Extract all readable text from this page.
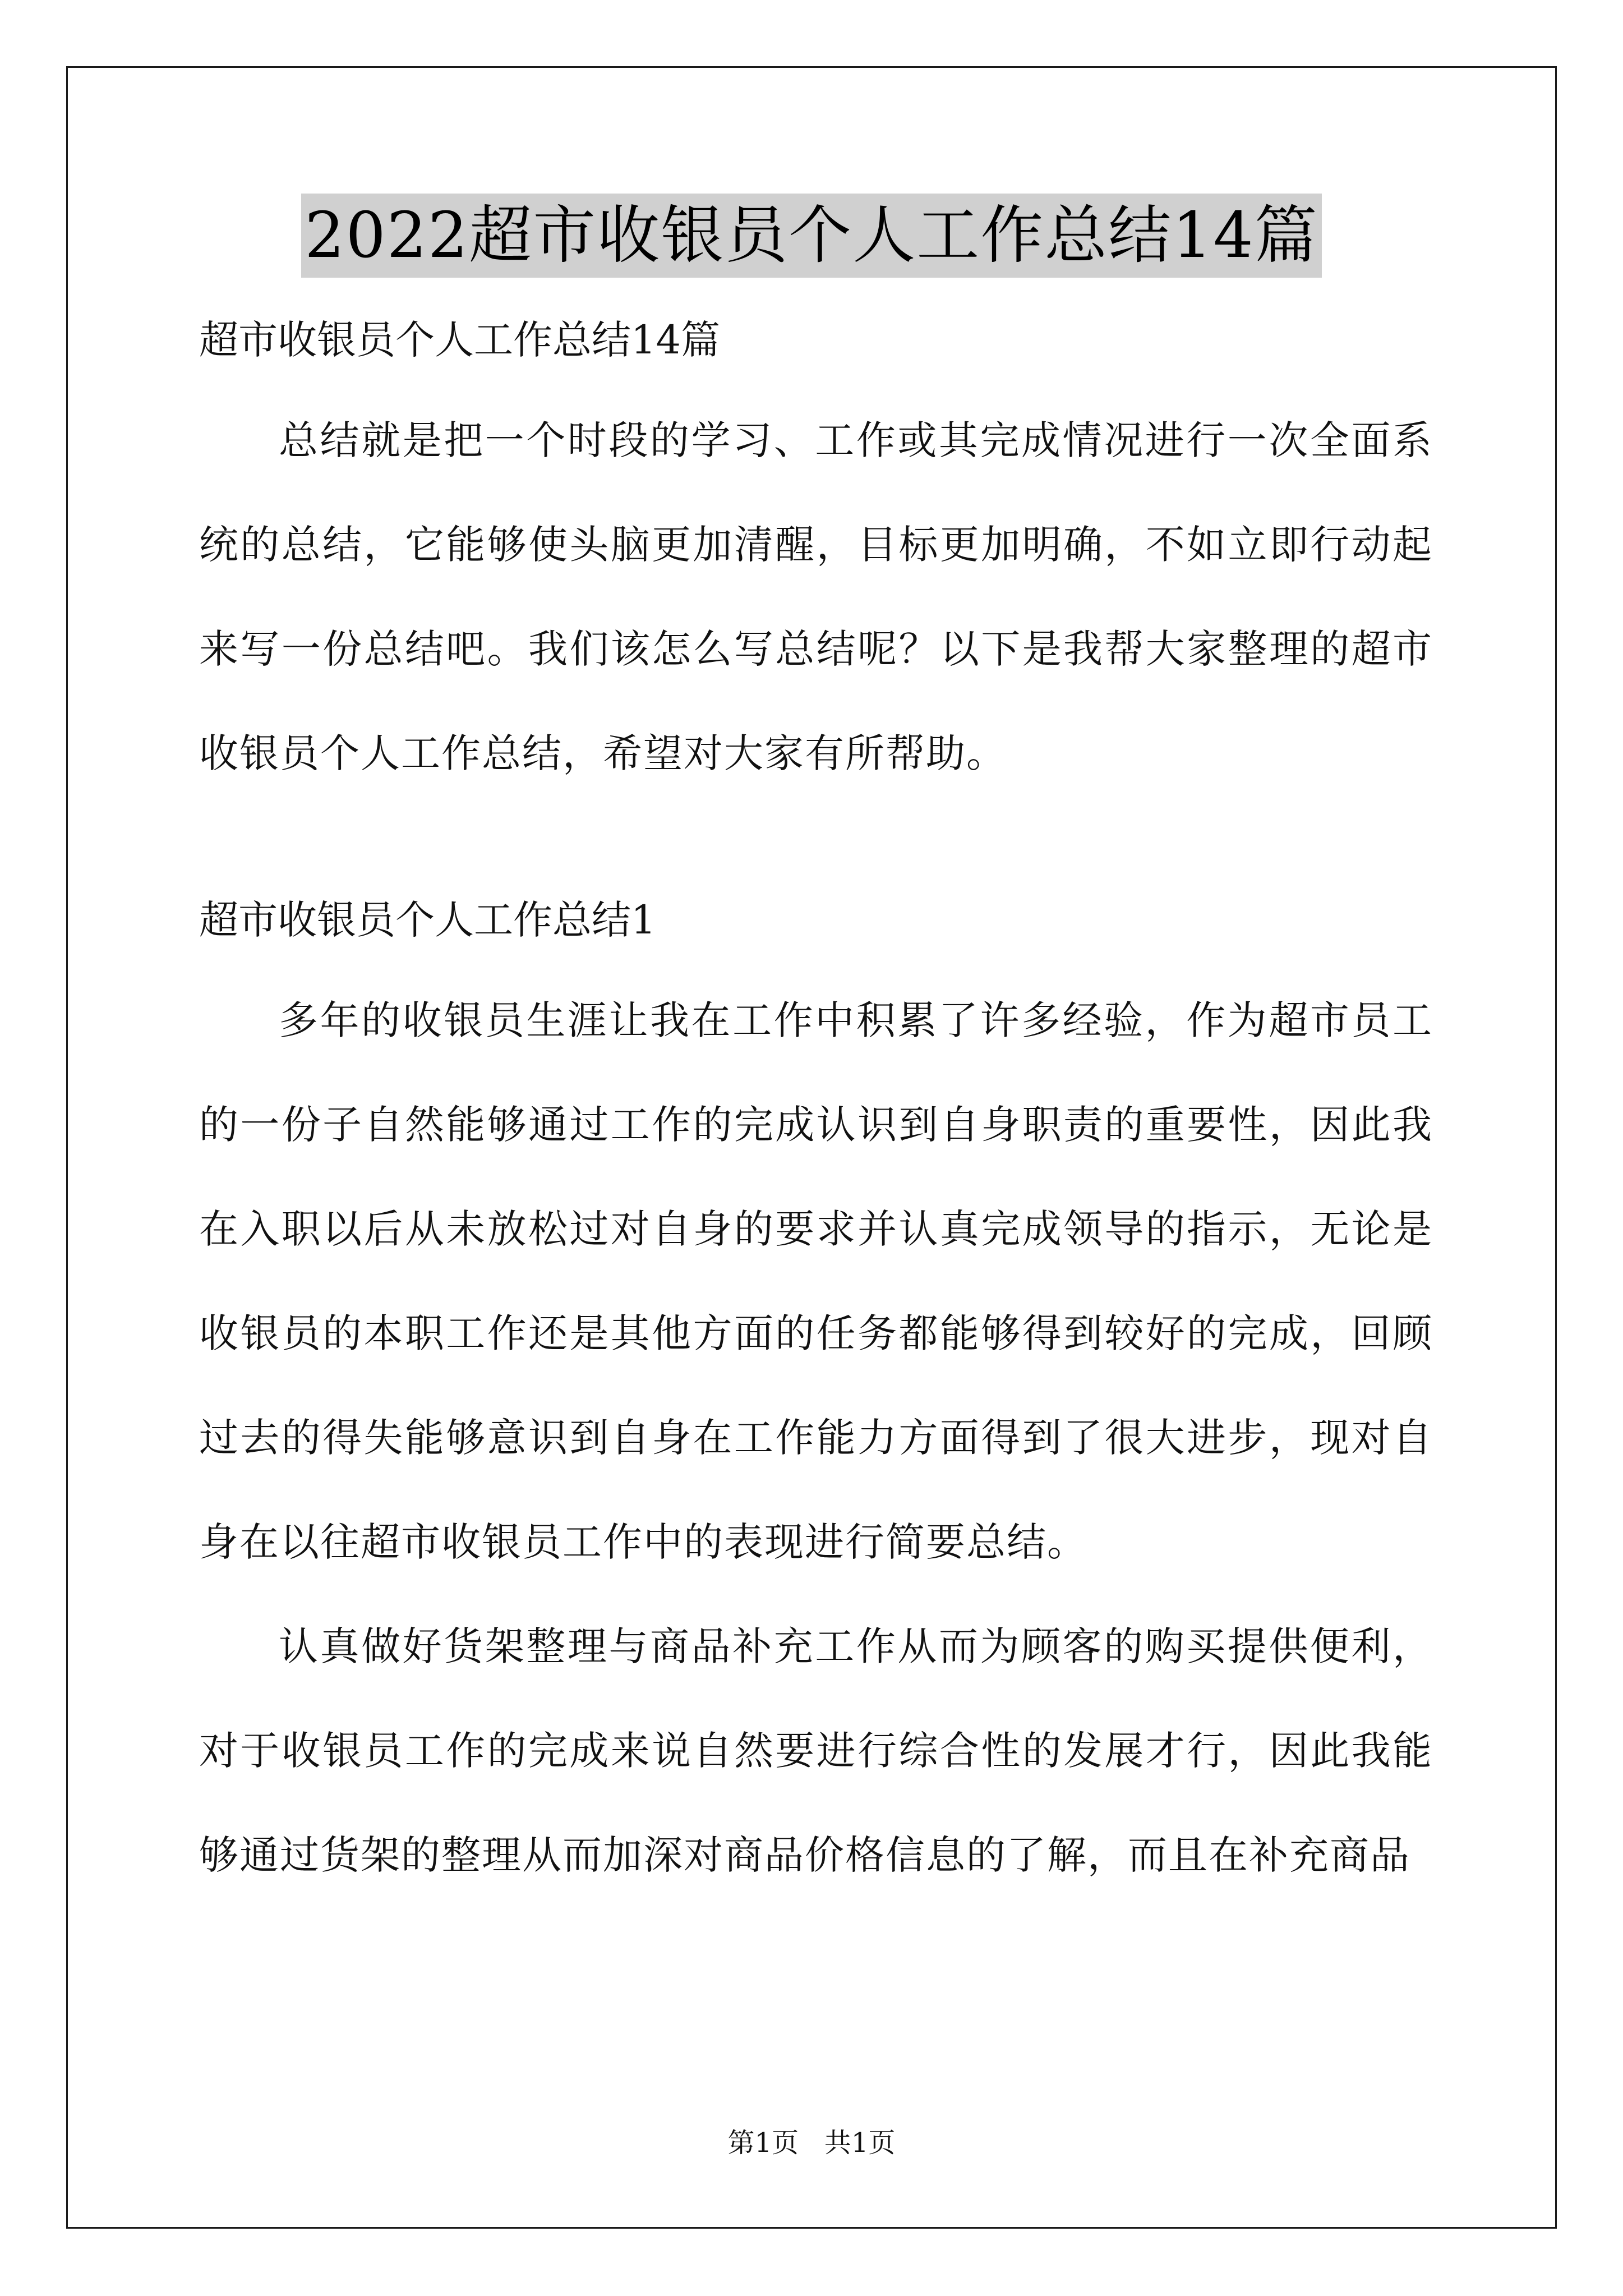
2022超市收银员个人工作总结14篇

超市收银员个人工作总结14篇

总结就是把一个时段的学习、工作或其完成情况进行一次全面系统的总结，它能够使头脑更加清醒，目标更加明确，不如立即行动起来写一份总结吧。我们该怎么写总结呢？以下是我帮大家整理的超市收银员个人工作总结，希望对大家有所帮助。

超市收银员个人工作总结1

多年的收银员生涯让我在工作中积累了许多经验，作为超市员工的一份子自然能够通过工作的完成认识到自身职责的重要性，因此我在入职以后从未放松过对自身的要求并认真完成领导的指示，无论是收银员的本职工作还是其他方面的任务都能够得到较好的完成，回顾过去的得失能够意识到自身在工作能力方面得到了很大进步，现对自身在以往超市收银员工作中的表现进行简要总结。

认真做好货架整理与商品补充工作从而为顾客的购买提供便利，对于收银员工作的完成来说自然要进行综合性的发展才行，因此我能够通过货架的整理从而加深对商品价格信息的了解，而且在补充商品

第1页 共1页
